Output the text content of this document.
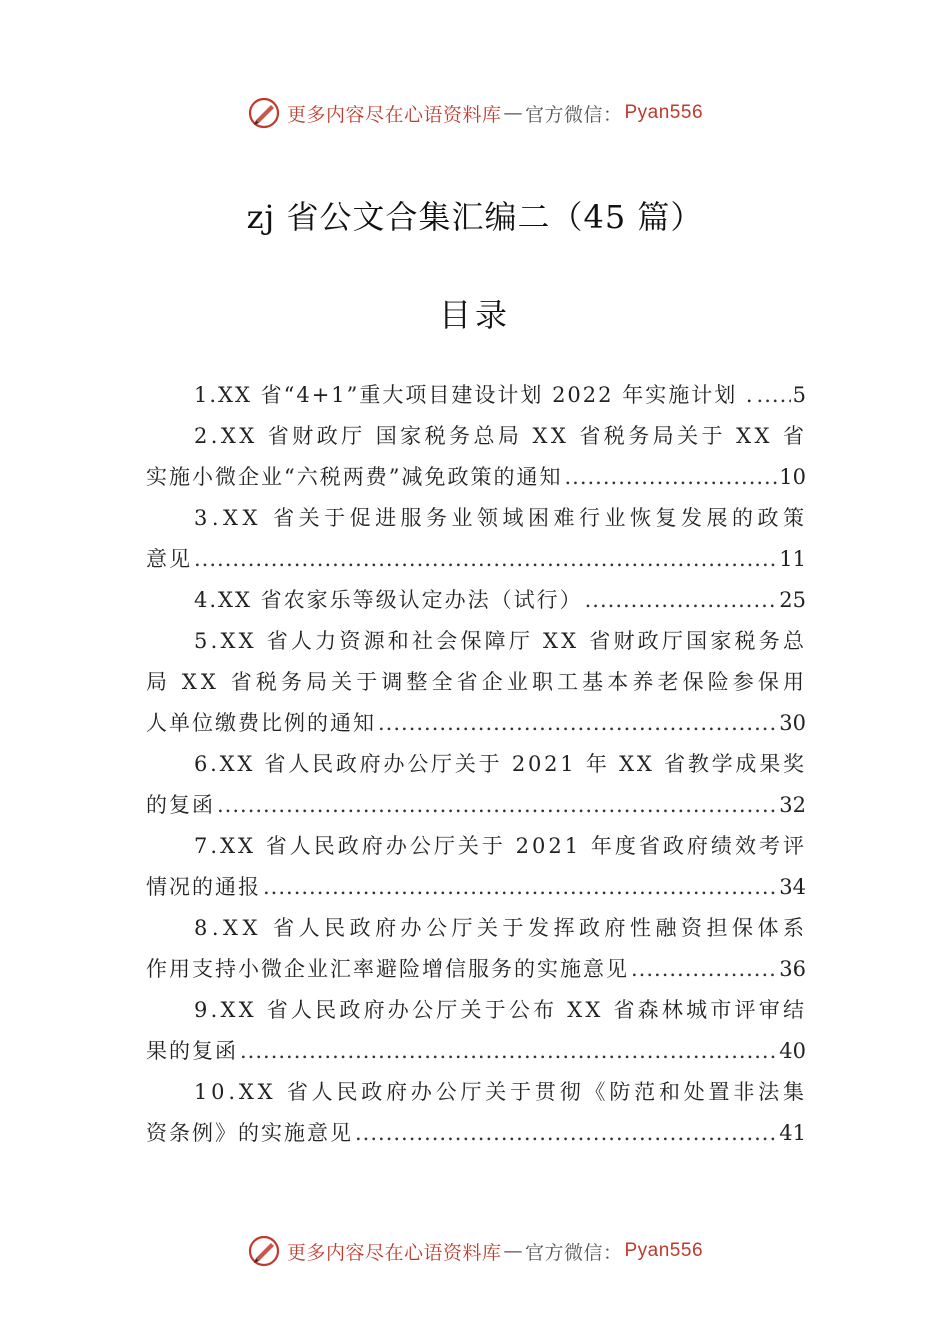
更多内容尽在心语资料库 — 官方微信： Pyan556
zj 省公文合集汇编二（45 篇）
目录
1.XX 省“4+1”重大项目建设计划 2022 年实施计划 . ..... 5
2.XX 省财政厅 国家税务总局 XX 省税务局关于 XX 省
实施小微企业“六税两费”减免政策的通知 .....	10
3.XX 省关于促进服务业领域困难行业恢复发展的政策
意见 .....	11
4.XX 省农家乐等级认定办法（试行） .....	25
5.XX 省人力资源和社会保障厅 XX 省财政厅国家税务总
局 XX 省税务局关于调整全省企业职工基本养老保险参保用
人单位缴费比例的通知 .....	30
6.XX 省人民政府办公厅关于 2021 年 XX 省教学成果奖
的复函 .....	32
7.XX 省人民政府办公厅关于 2021 年度省政府绩效考评
情况的通报 .....	34
8.XX 省人民政府办公厅关于发挥政府性融资担保体系
作用支持小微企业汇率避险增信服务的实施意见 .....	36
9.XX 省人民政府办公厅关于公布 XX 省森林城市评审结
果的复函 .....	40
10.XX 省人民政府办公厅关于贯彻《防范和处置非法集
资条例》的实施意见 .....	41
更多内容尽在心语资料库 — 官方微信： Pyan556
